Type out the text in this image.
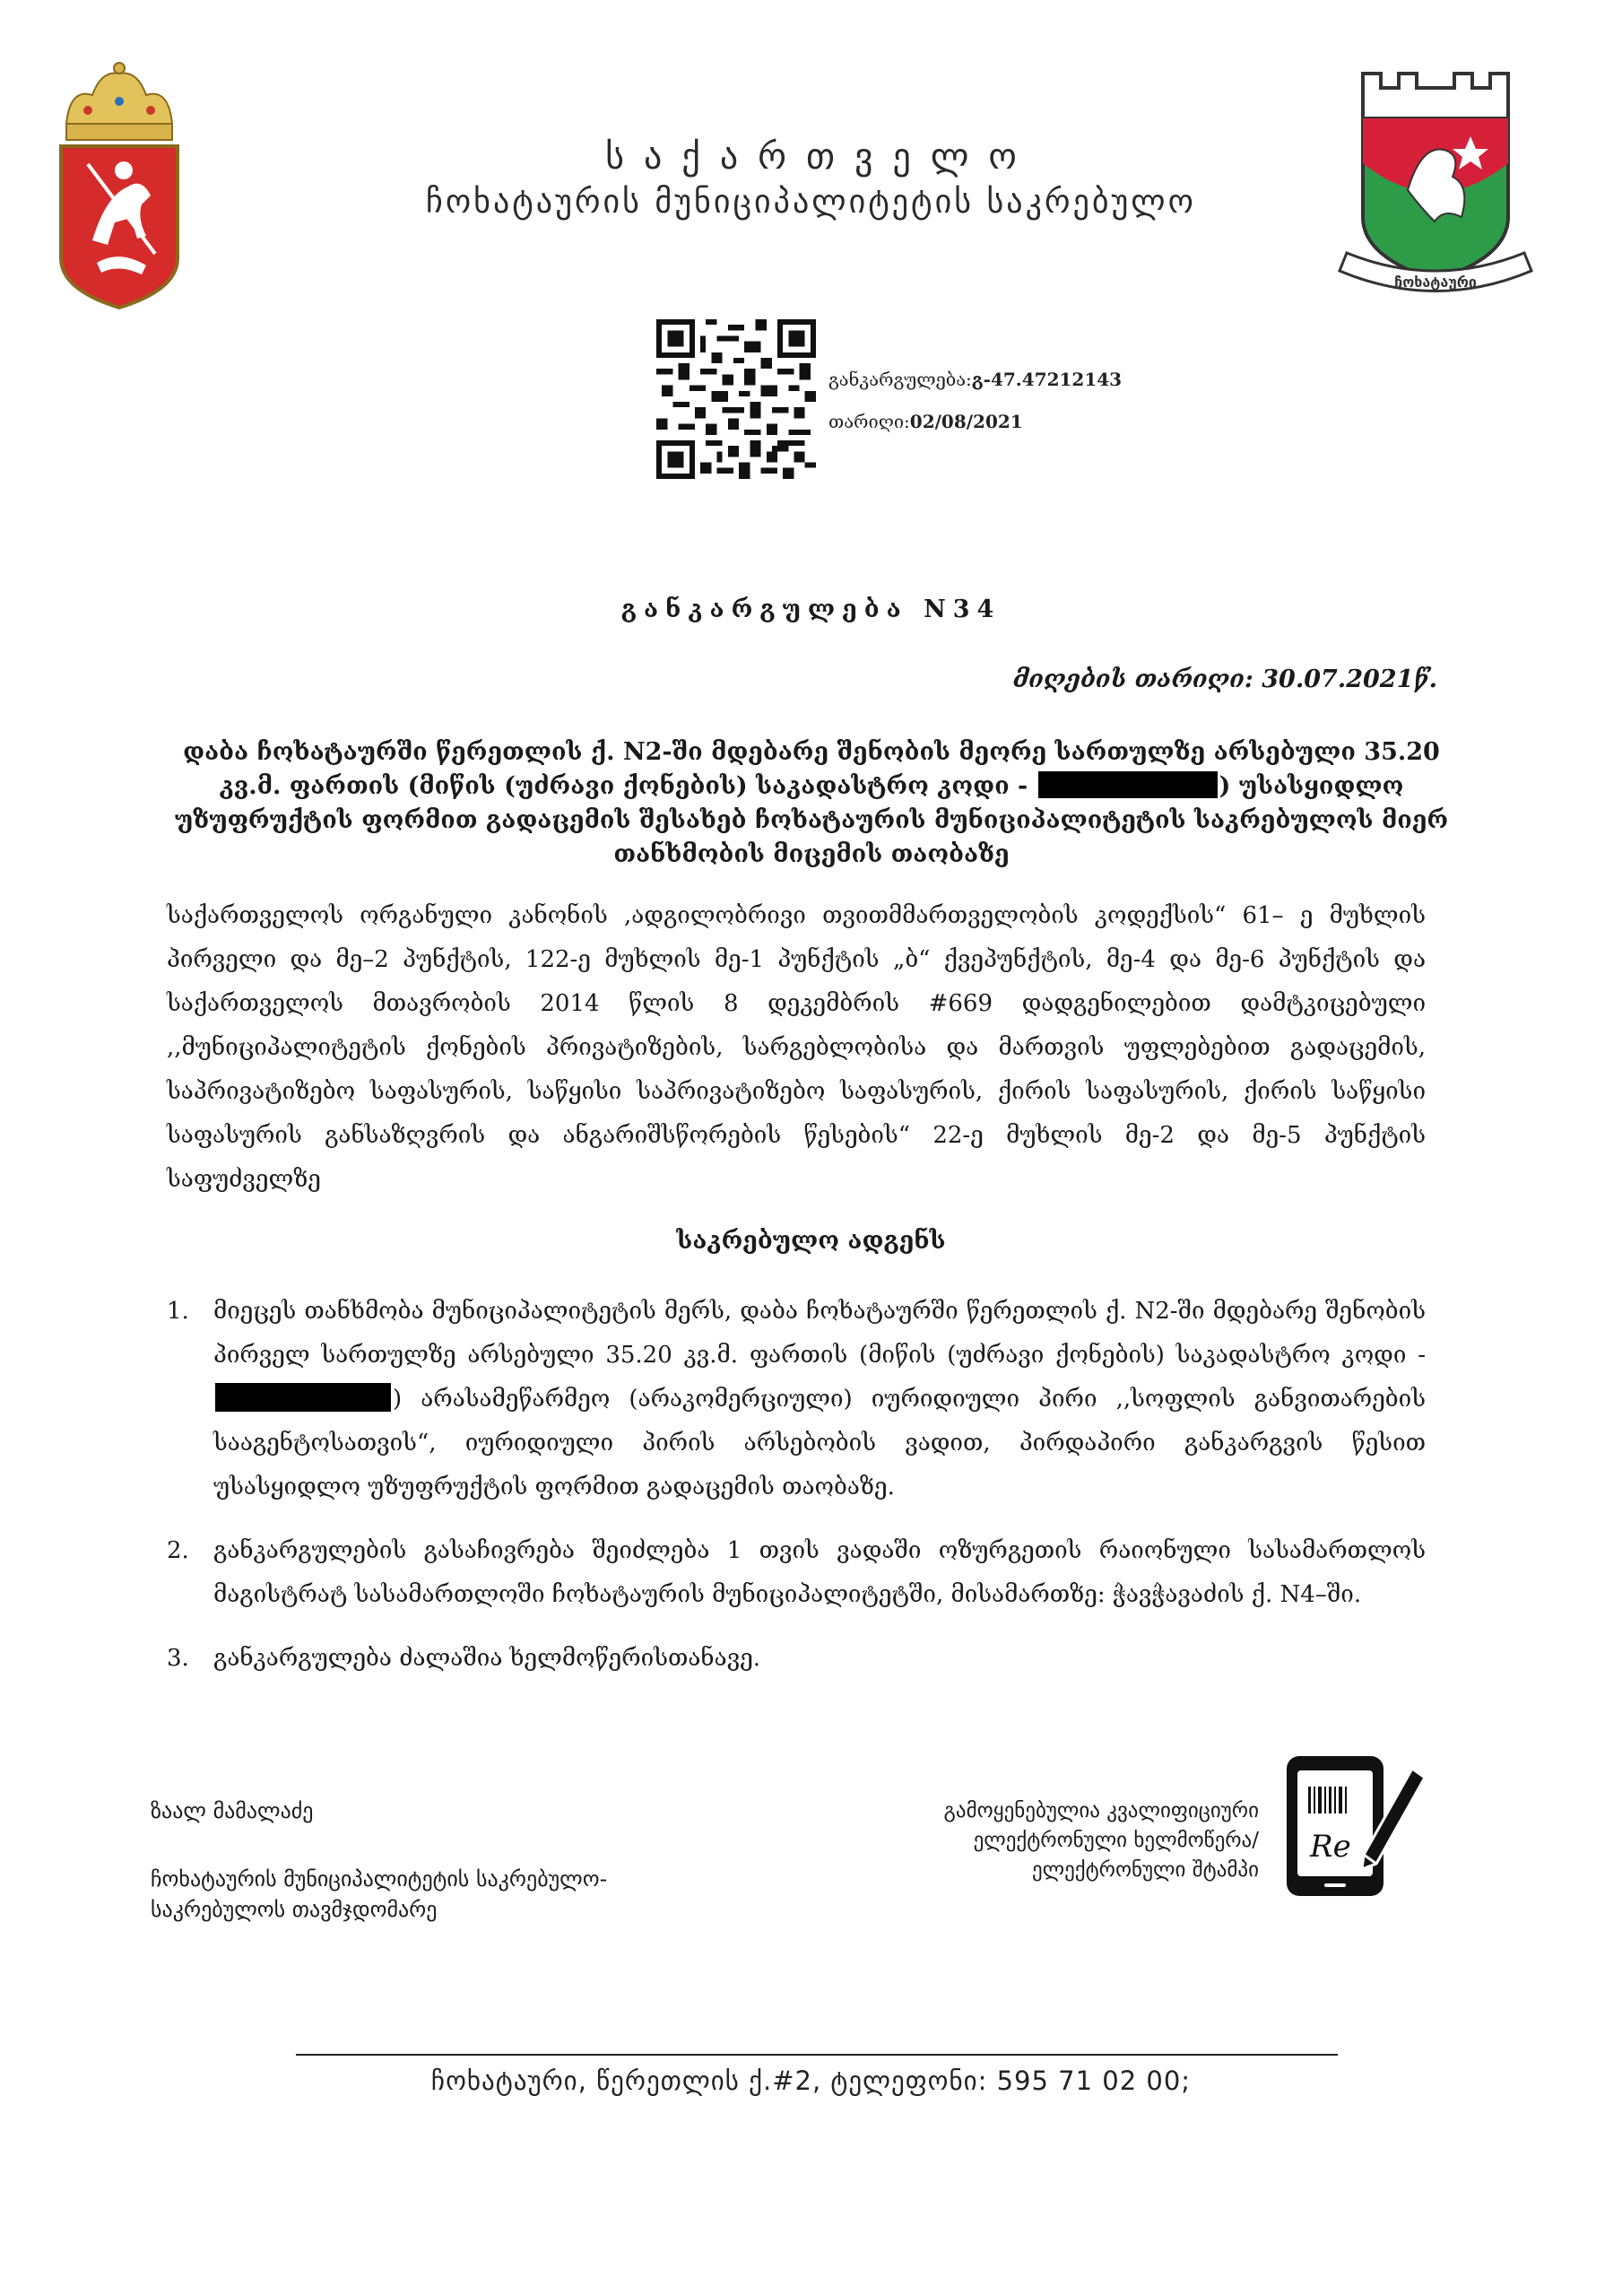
საქართველო
ჩოხატაურის მუნიციპალიტეტის საკრებულო
ჩოხატაური
განკარგულება:გ-47.47212143
თარიღი:02/08/2021
განკარგულება N34
მიღების თარიღი: 30.07.2021წ.
დაბა ჩოხატაურში წერეთლის ქ. N2-ში მდებარე შენობის მეორე სართულზე არსებული 35.20 კვ.მ. ფართის (მიწის (უძრავი ქონების) საკადასტრო კოდი -	) უსასყიდლო უზუფრუქტის ფორმით გადაცემის შესახებ ჩოხატაურის მუნიციპალიტეტის საკრებულოს მიერ თანხმობის მიცემის თაობაზე
საქართველოს ორგანული კანონის ,ადგილობრივი თვითმმართველობის კოდექსის“ 61– ე მუხლის პირველი და მე–2 პუნქტის, 122-ე მუხლის მე-1 პუნქტის „ბ“ ქვეპუნქტის, მე-4 და მე-6 პუნქტის და საქართველოს მთავრობის 2014 წლის 8 დეკემბრის #669 დადგენილებით დამტკიცებული ,,მუნიციპალიტეტის ქონების პრივატიზების, სარგებლობისა და მართვის უფლებებით გადაცემის, საპრივატიზებო საფასურის, საწყისი საპრივატიზებო საფასურის, ქირის საფასურის, ქირის საწყისი საფასურის განსაზღვრის და ანგარიშსწორების წესების“ 22-ე მუხლის მე-2 და მე-5 პუნქტის საფუძველზე
საკრებულო ადგენს
1. მიეცეს თანხმობა მუნიციპალიტეტის მერს, დაბა ჩოხატაურში წერეთლის ქ. N2-ში მდებარე შენობის პირველ სართულზე არსებული 35.20 კვ.მ. ფართის (მიწის (უძრავი ქონების) საკადასტრო კოდი - ) არასამეწარმეო (არაკომერციული) იურიდიული პირი ,,სოფლის განვითარების სააგენტოსათვის“, იურიდიული პირის არსებობის ვადით, პირდაპირი განკარგვის წესით უსასყიდლო უზუფრუქტის ფორმით გადაცემის თაობაზე.
2. განკარგულების გასაჩივრება შეიძლება 1 თვის ვადაში ოზურგეთის რაიონული სასამართლოს მაგისტრატ სასამართლოში ჩოხატაურის მუნიციპალიტეტში, მისამართზე: ჭავჭავაძის ქ. N4–ში.
3. განკარგულება ძალაშია ხელმოწერისთანავე.
ზაალ მამალაძე
ჩოხატაურის მუნიციპალიტეტის საკრებულო-
საკრებულოს თავმჯდომარე
გამოყენებულია კვალიფიციური
ელექტრონული ხელმოწერა/
ელექტრონული შტამპი
Re
ჩოხატაური, წერეთლის ქ.#2, ტელეფონი: 595 71 02 00;
